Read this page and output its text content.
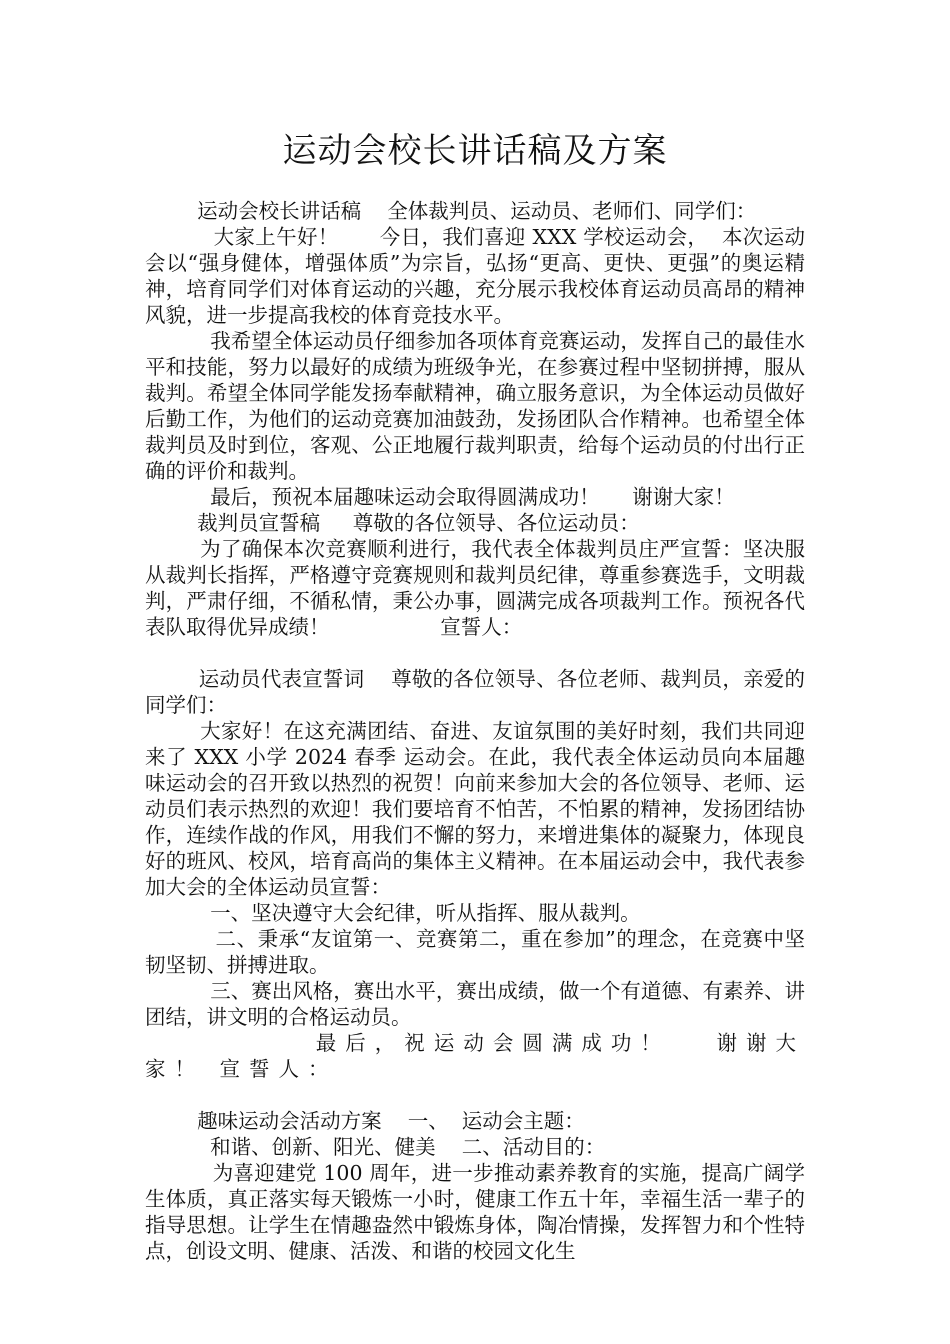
运动会校长讲话稿及方案

运动会校长讲话稿    全体裁判员、运动员、老师们、同学们：

大家上午好！      今日，我们喜迎 XXX 学校运动会，  本次运动会以“强身健体，增强体质”为宗旨，弘扬“更高、更快、更强”的奥运精神，培育同学们对体育运动的兴趣，充分展示我校体育运动员高昂的精神风貌，进一步提高我校的体育竞技水平。

我希望全体运动员仔细参加各项体育竞赛运动，发挥自己的最佳水平和技能，努力以最好的成绩为班级争光，在参赛过程中坚韧拼搏，服从裁判。希望全体同学能发扬奉献精神，确立服务意识，为全体运动员做好后勤工作，为他们的运动竞赛加油鼓劲，发扬团队合作精神。也希望全体裁判员及时到位，客观、公正地履行裁判职责，给每个运动员的付出行正确的评价和裁判。

最后，预祝本届趣味运动会取得圆满成功！     谢谢大家！

裁判员宣誓稿     尊敬的各位领导、各位运动员：

为了确保本次竞赛顺利进行，我代表全体裁判员庄严宣誓：坚决服从裁判长指挥，严格遵守竞赛规则和裁判员纪律，尊重参赛选手，文明裁判，严肃仔细，不循私情，秉公办事，圆满完成各项裁判工作。预祝各代表队取得优异成绩！                 宣誓人：

运动员代表宣誓词    尊敬的各位领导、各位老师、裁判员，亲爱的同学们：

大家好！在这充满团结、奋进、友谊氛围的美好时刻，我们共同迎来了 XXX 小学 2024 春季 运动会。在此，我代表全体运动员向本届趣味运动会的召开致以热烈的祝贺！向前来参加大会的各位领导、老师、运动员们表示热烈的欢迎！我们要培育不怕苦，不怕累的精神，发扬团结协作，连续作战的作风，用我们不懈的努力，来增进集体的凝聚力，体现良好的班风、校风，培育高尚的集体主义精神。在本届运动会中，我代表参加大会的全体运动员宣誓：

一、坚决遵守大会纪律，听从指挥、服从裁判。

二、秉承“友谊第一、竞赛第二，重在参加”的理念，在竞赛中坚韧坚韧、拼搏进取。

三、赛出风格，赛出水平，赛出成绩，做一个有道德、有素养、讲团结，讲文明的合格运动员。

最后，祝运动会圆满成功！   谢谢大家！ 宣誓人：

趣味运动会活动方案    一、  运动会主题：

和谐、创新、阳光、健美    二、活动目的：

为喜迎建党 100 周年，进一步推动素养教育的实施，提高广阔学生体质，真正落实每天锻炼一小时，健康工作五十年，幸福生活一辈子的指导思想。让学生在情趣盎然中锻炼身体，陶冶情操，发挥智力和个性特点，创设文明、健康、活泼、和谐的校园文化生
